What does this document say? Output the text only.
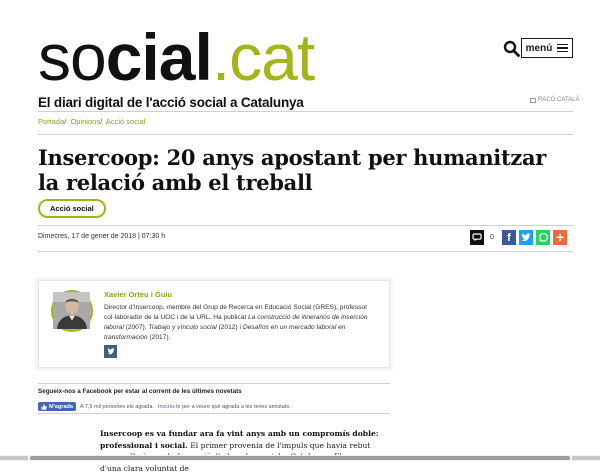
social.cat	menú
El diari digital de l'acció social a Catalunya	RACÓ CATALÀ
Portada/ Opinions/ Acció social
Insercoop: 20 anys apostant per humanitzar la relació amb el treball
Acció social
Dimecres, 17 de gener de 2018 | 07:30 h	0	f	+
Xavier Orteu i Guiu
Director d'Insercoop, membre del Grup de Recerca en Educació Social (GRES), professor col·laborador de la UOC i de la URL. Ha publicat La construcció de itinerarios de inserción laboral (2007); Trabajo y vínculo social (2012) i Desafíos en un mercado laboral en transformación (2017).
Segueix-nos a Facebook per estar al corrent de les últimes novetats
M'agrada A 7,9 mil persones els agrada. Inscriu-te per a veure què agrada a les teves amistats.

Insercoop es va fundar ara fa vint anys amb un compromís doble: professional i social. El primer provenia de l'impuls que havia rebut d'una clara voluntat de
